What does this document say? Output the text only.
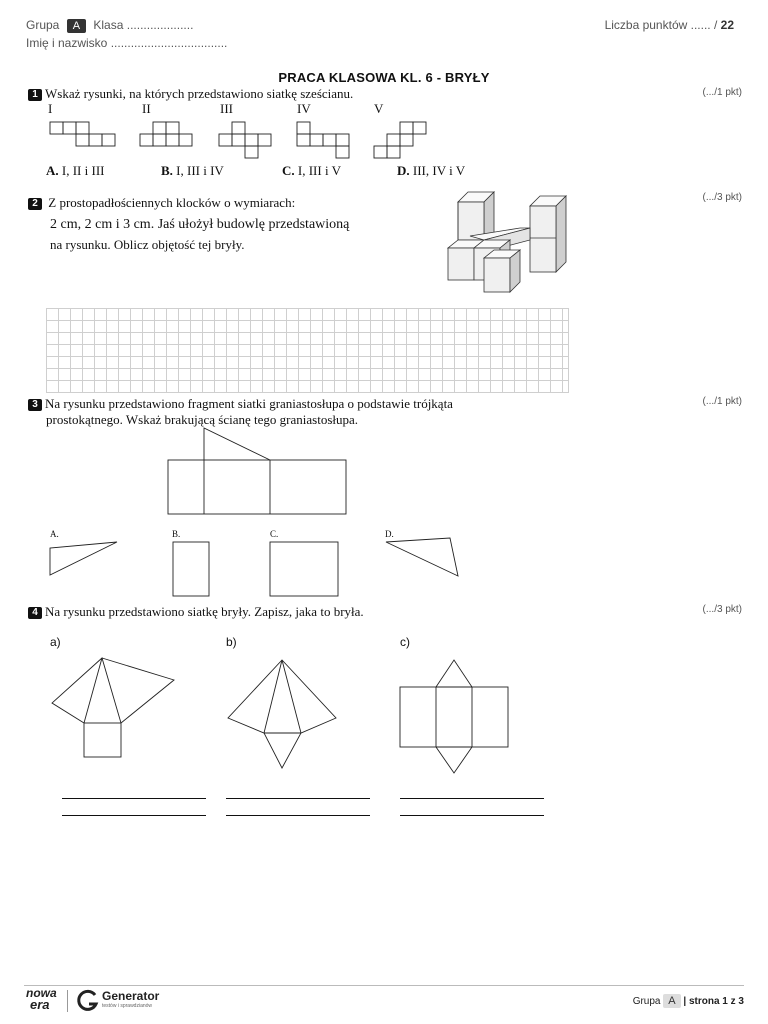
Grupa A Klasa ....................
Imię i nazwisko ...................................
Liczba punktów ...... / 22
PRACA KLASOWA KL. 6 - BRYŁY
1 Wskaż rysunki, na których przedstawiono siatkę sześcianu.	(.../1 pkt)
I	II	III	IV	V
A. I, II i III	B. I, III i IV	C. I, III i V	D. III, IV i V
2 Z prostopadłościennych klocków o wymiarach:
2 cm, 2 cm i 3 cm. Jaś ułożył budowlę przedstawioną
na rysunku. Oblicz objętość tej bryły.
(.../3 pkt)
3 Na rysunku przedstawiono fragment siatki graniastosłupa o podstawie trójkąta
prostokątnego. Wskaż brakującą ścianę tego graniastosłupa.
(.../1 pkt)
A.	B.	C.	D.
4 Na rysunku przedstawiono siatkę bryły. Zapisz, jaka to bryła.	(.../3 pkt)
a)	b)	c)
nowa
era
Generator
testów i sprawdzianów	Grupa A | strona 1 z 3
